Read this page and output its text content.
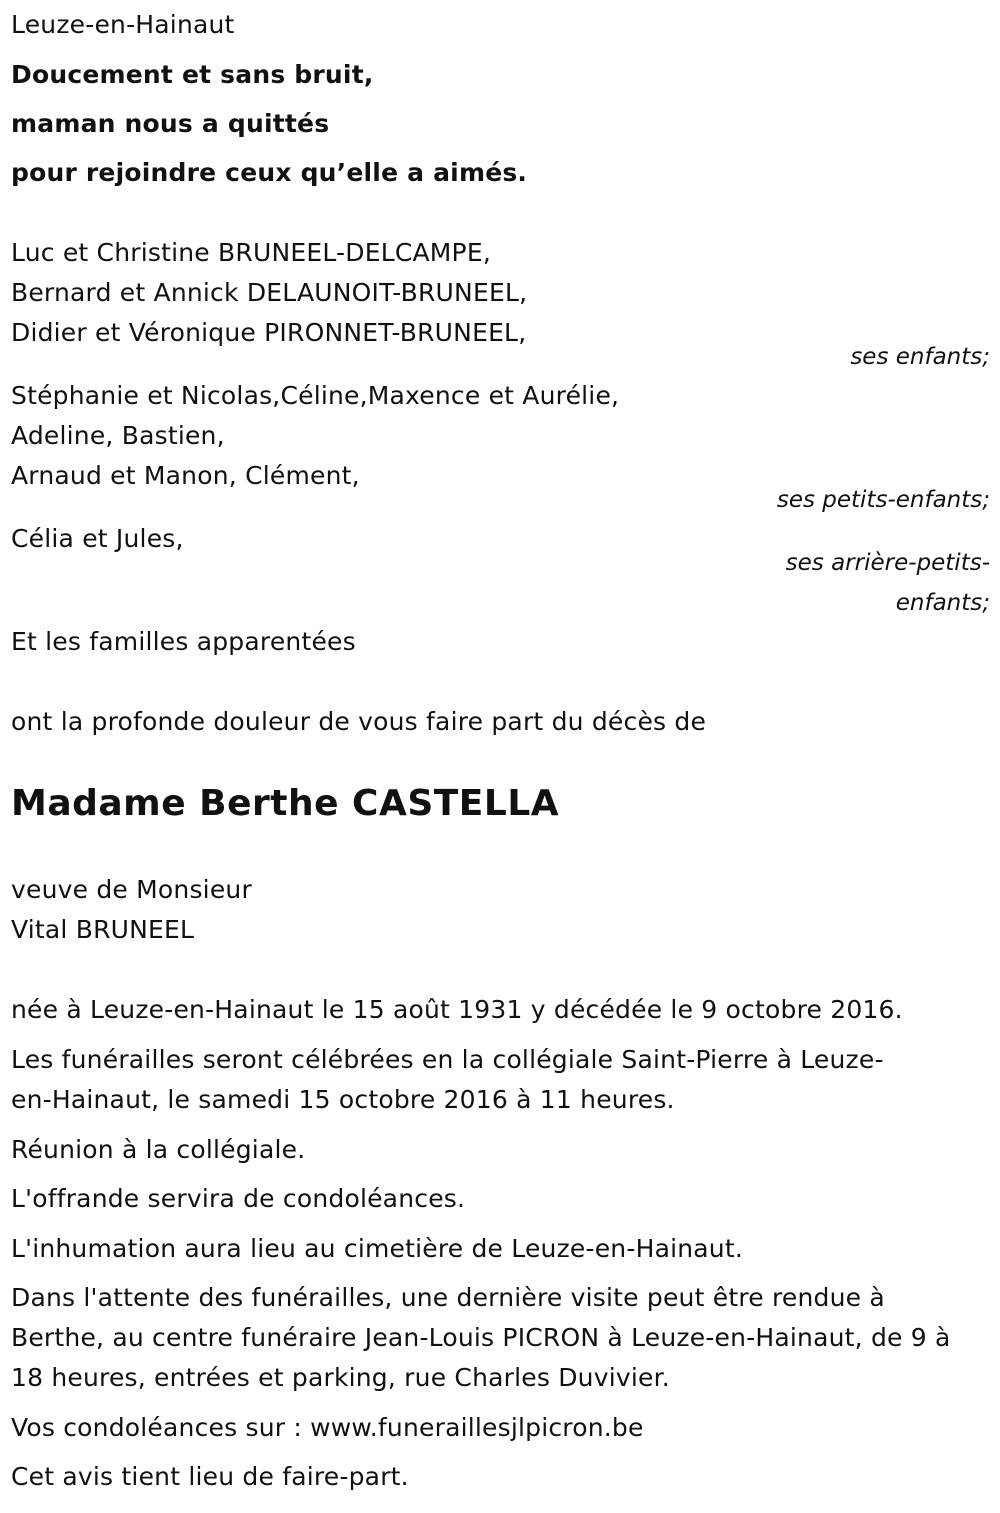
Leuze-en-Hainaut
Doucement et sans bruit,
maman nous a quittés
pour rejoindre ceux qu’elle a aimés.
Luc et Christine BRUNEEL-DELCAMPE,
Bernard et Annick DELAUNOIT-BRUNEEL,
Didier et Véronique PIRONNET-BRUNEEL,
ses enfants;
Stéphanie et Nicolas,Céline,Maxence et Aurélie,
Adeline, Bastien,
Arnaud et Manon, Clément,
ses petits-enfants;
Célia et Jules,
ses arrière-petits-
enfants;
Et les familles apparentées
ont la profonde douleur de vous faire part du décès de
Madame Berthe CASTELLA
veuve de Monsieur
Vital BRUNEEL
née à Leuze-en-Hainaut le 15 août 1931 y décédée le 9 octobre 2016.
Les funérailles seront célébrées en la collégiale Saint-Pierre à Leuze-
en-Hainaut, le samedi 15 octobre 2016 à 11 heures.
Réunion à la collégiale.
L'offrande servira de condoléances.
L'inhumation aura lieu au cimetière de Leuze-en-Hainaut.
Dans l'attente des funérailles, une dernière visite peut être rendue à
Berthe, au centre funéraire Jean-Louis PICRON à Leuze-en-Hainaut, de 9 à
18 heures, entrées et parking, rue Charles Duvivier.
Vos condoléances sur : www.funeraillesjlpicron.be
Cet avis tient lieu de faire-part.
